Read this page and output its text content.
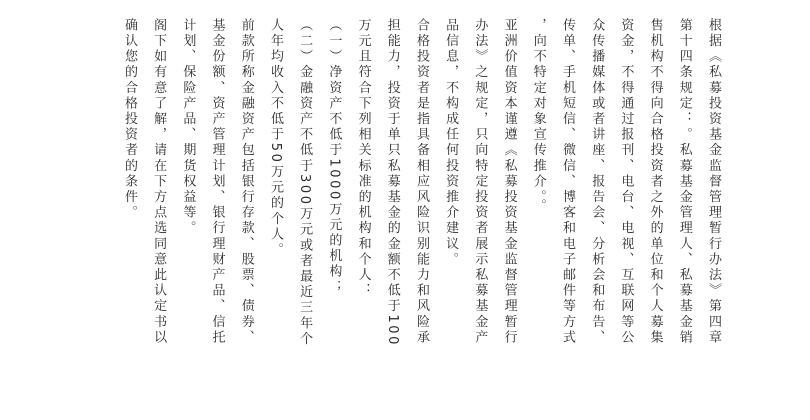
根据《私募投资基金监督管理暂行办法》第四章
第十四条规定：。私募基金管理人、私募基金销
售机构不得向合格投资者之外的单位和个人募集
资金，不得通过报刊、电台、电视、互联网等公
众传播媒体或者讲座、报告会、分析会和布告、
传单、手机短信、微信、博客和电子邮件等方式
，向不特定对象宣传推介。。
亚洲价值资本谨遵《私募投资基金监督管理暂行
办法》之规定，只向特定投资者展示私募基金产
品信息，不构成任何投资推介建议。
合格投资者是指具备相应风险识别能力和风险承
担能力，投资于单只私募基金的金额不低于100
万元且符合下列相关标准的机构和个人：
（一）净资产不低于1000万元的机构；
（二）金融资产不低于300万元或者最近三年个
人年均收入不低于50万元的个人。
前款所称金融资产包括银行存款、股票、债券、
基金份额、资产管理计划、银行理财产品、信托
计划、保险产品、期货权益等。
阁下如有意了解，请在下方点选同意此认定书以
确认您的合格投资者的条件。
